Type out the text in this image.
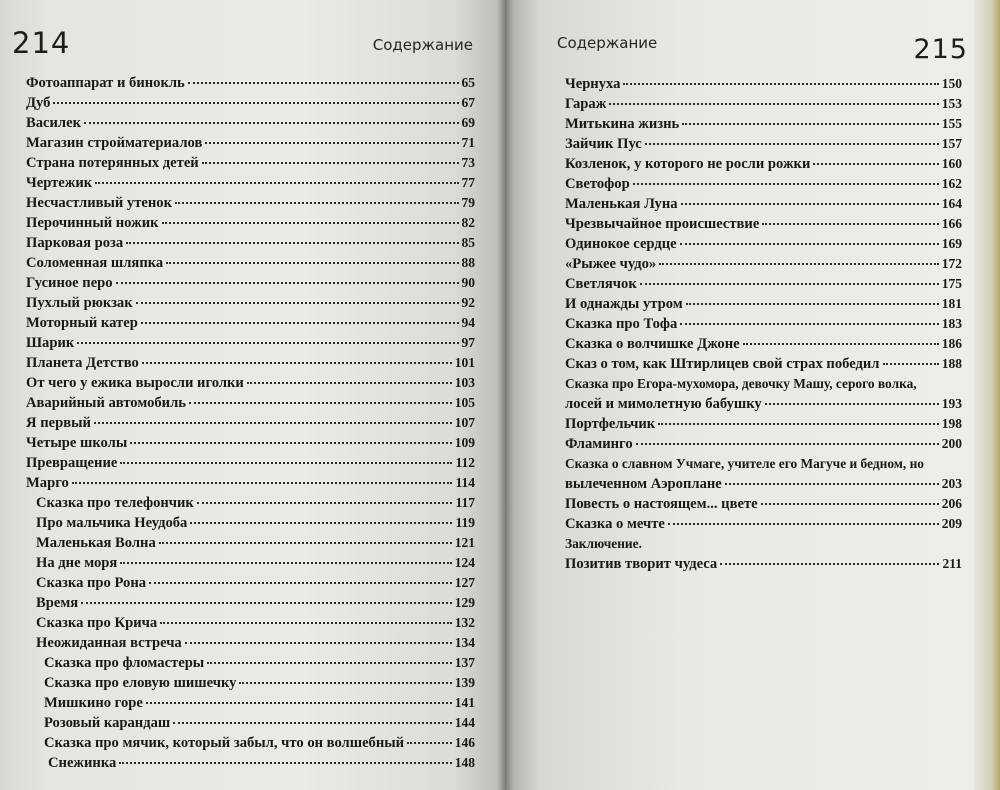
214	Содержание
Фотоаппарат и бинокль	65
Дуб	67
Василек	69
Магазин стройматериалов	71
Страна потерянных детей	73
Чертежик	77
Несчастливый утенок	79
Перочинный ножик	82
Парковая роза	85
Соломенная шляпка	88
Гусиное перо	90
Пухлый рюкзак	92
Моторный катер	94
Шарик	97
Планета Детство	101
От чего у ежика выросли иголки	103
Аварийный автомобиль	105
Я первый	107
Четыре школы	109
Превращение	112
Марго	114
Сказка про телефончик	117
Про мальчика Неудоба	119
Маленькая Волна	121
На дне моря	124
Сказка про Рона	127
Время	129
Сказка про Крича	132
Неожиданная встреча	134
Сказка про фломастеры	137
Сказка про еловую шишечку	139
Мишкино горе	141
Розовый карандаш	144
Сказка про мячик, который забыл, что он волшебный	146
Снежинка	148
Содержание	215
Чернуха	150
Гараж	153
Митькина жизнь	155
Зайчик Пус	157
Козленок, у которого не росли рожки	160
Светофор	162
Маленькая Луна	164
Чрезвычайное происшествие	166
Одинокое сердце	169
«Рыжее чудо»	172
Светлячок	175
И однажды утром	181
Сказка про Тофа	183
Сказка о волчишке Джоне	186
Сказ о том, как Штирлицев свой страх победил	188
Сказка про Егора-мухомора, девочку Машу, серого волка,
лосей и мимолетную бабушку	193
Портфельчик	198
Фламинго	200
Сказка о славном Учмаге, учителе его Магуче и бедном, но
вылеченном Аэроплане	203
Повесть о настоящем... цвете	206
Сказка о мечте	209
Заключение.
Позитив творит чудеса	211
